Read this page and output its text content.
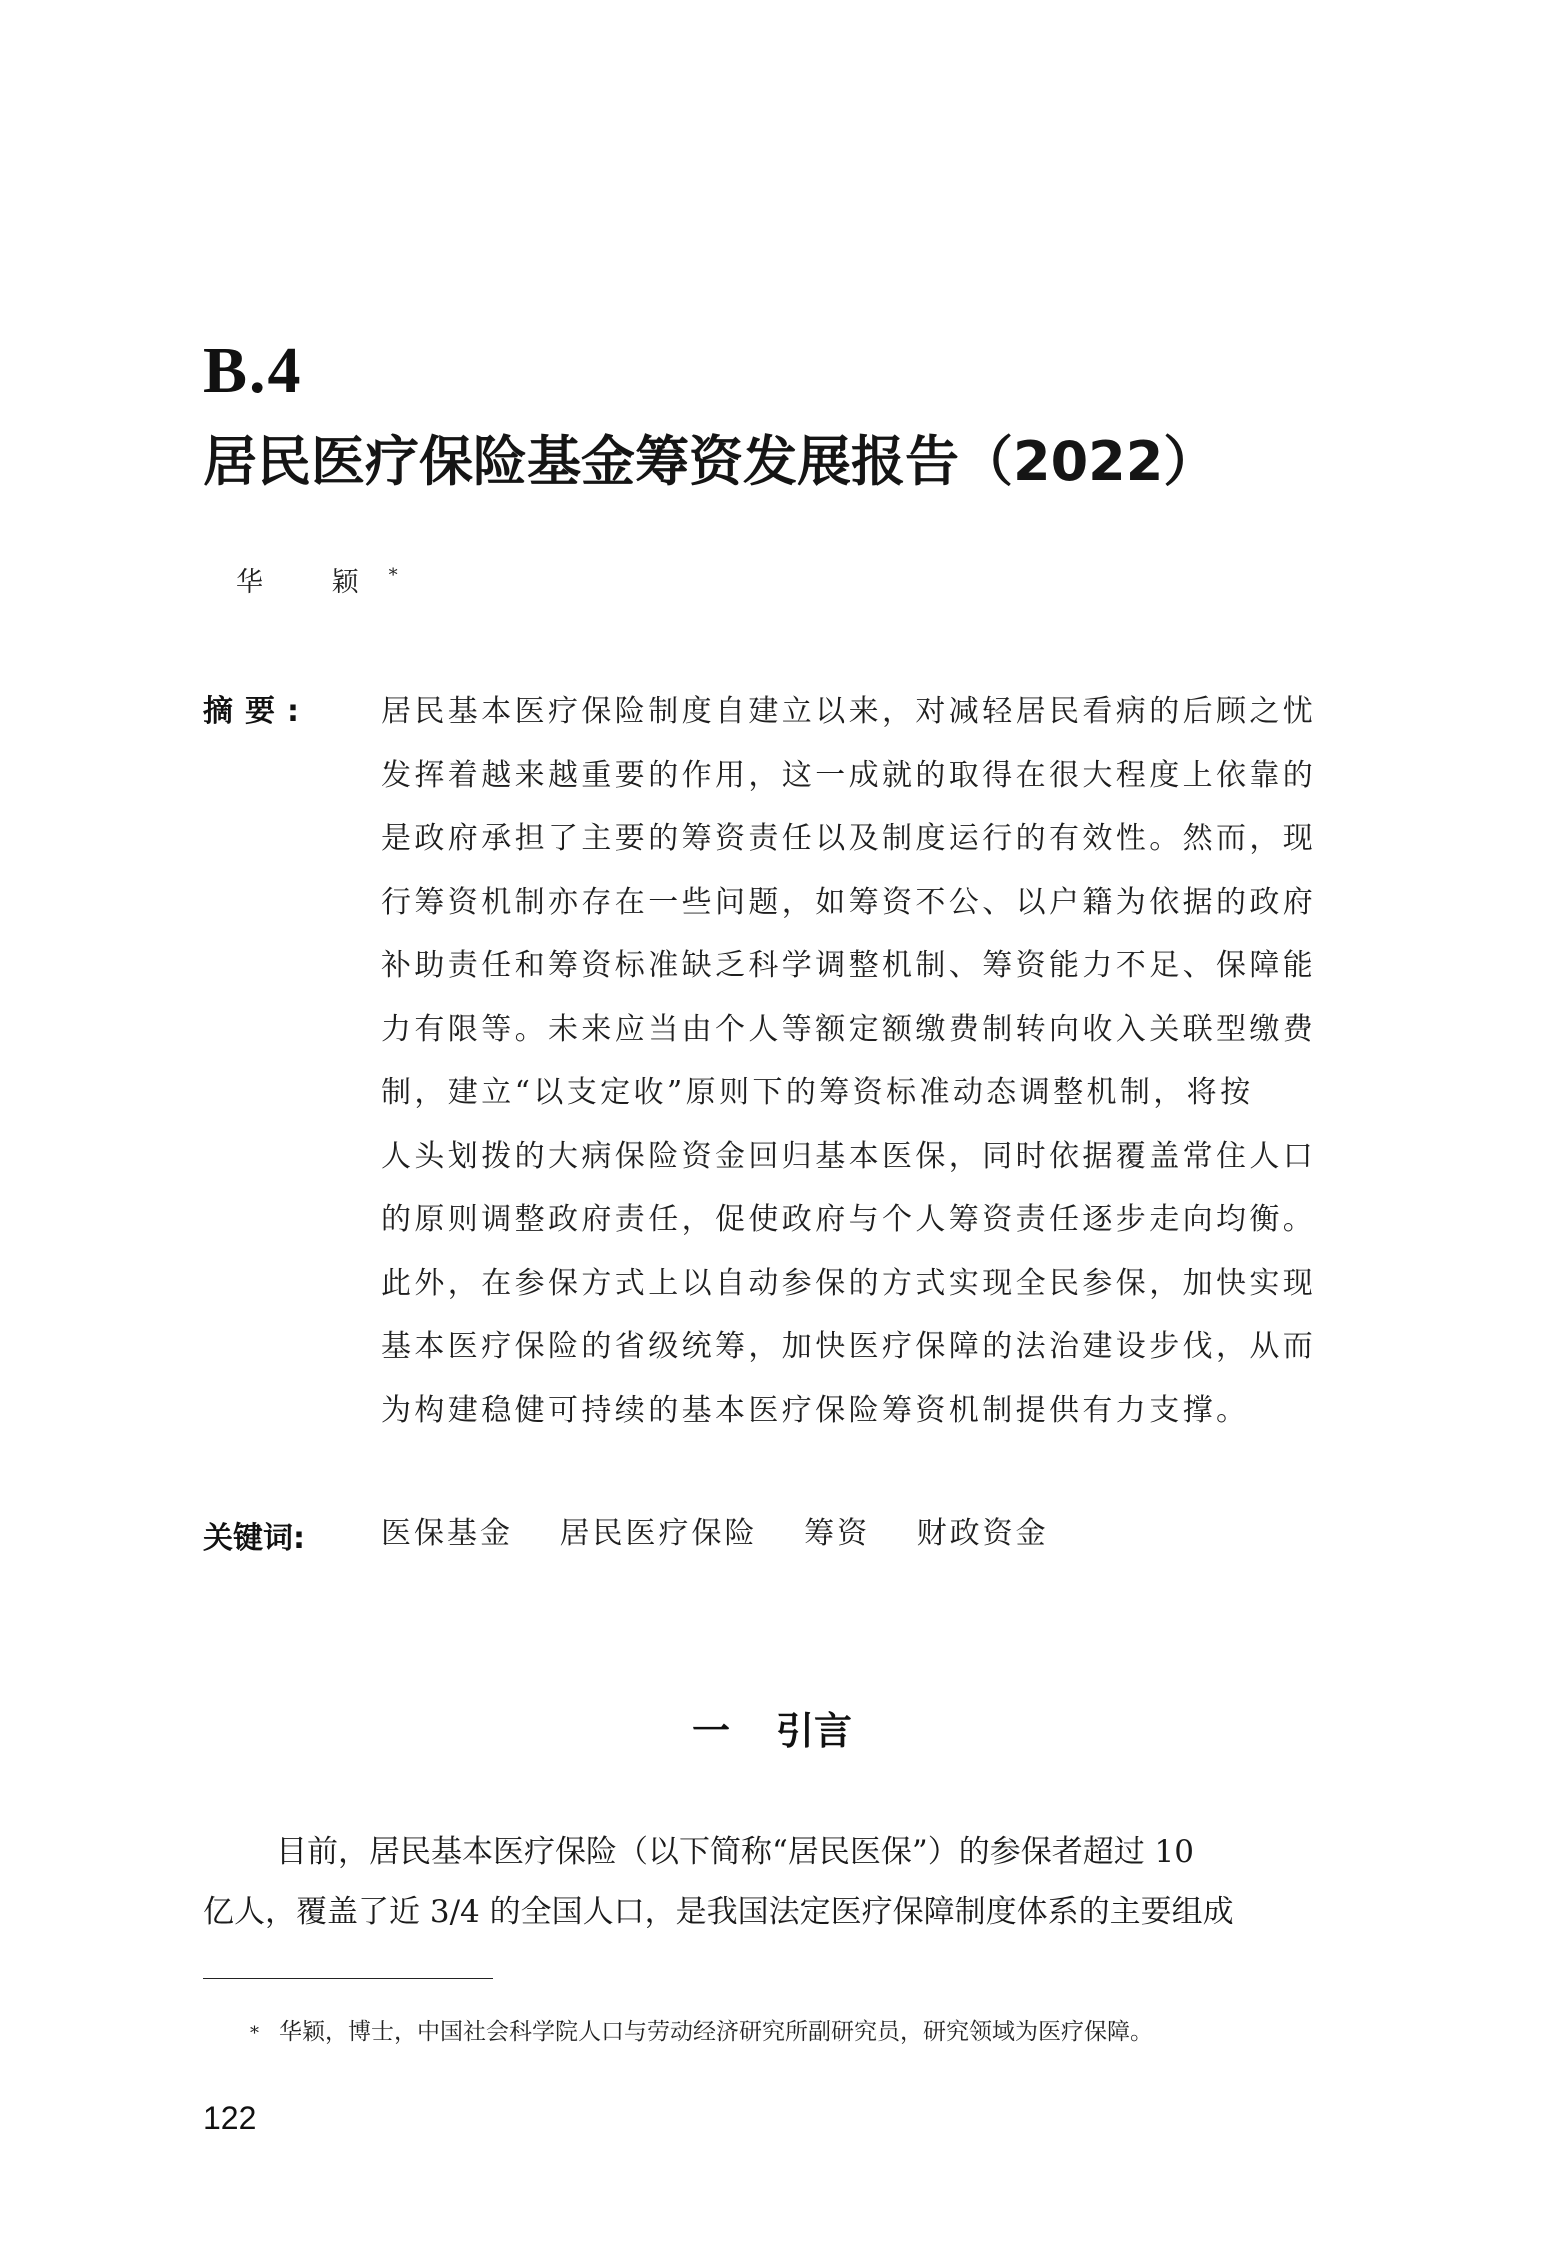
B.4
居民医疗保险基金筹资发展报告（2022）
华 颖*
摘要: 居民基本医疗保险制度自建立以来，对减轻居民看病的后顾之忧
发挥着越来越重要的作用，这一成就的取得在很大程度上依靠的
是政府承担了主要的筹资责任以及制度运行的有效性。然而，现
行筹资机制亦存在一些问题，如筹资不公、以户籍为依据的政府
补助责任和筹资标准缺乏科学调整机制、筹资能力不足、保障能
力有限等。未来应当由个人等额定额缴费制转向收入关联型缴费
制，建立“以支定收”原则下的筹资标准动态调整机制，将按
人头划拨的大病保险资金回归基本医保，同时依据覆盖常住人口
的原则调整政府责任，促使政府与个人筹资责任逐步走向均衡。
此外，在参保方式上以自动参保的方式实现全民参保，加快实现
基本医疗保险的省级统筹，加快医疗保障的法治建设步伐，从而
为构建稳健可持续的基本医疗保险筹资机制提供有力支撑。
关键词:	医保基金 居民医疗保险 筹资 财政资金
一 引言
目前，居民基本医疗保险（以下简称“居民医保”）的参保者超过 10
亿人，覆盖了近 3/4 的全国人口，是我国法定医疗保障制度体系的主要组成
* 华颖，博士，中国社会科学院人口与劳动经济研究所副研究员，研究领域为医疗保障。
122
